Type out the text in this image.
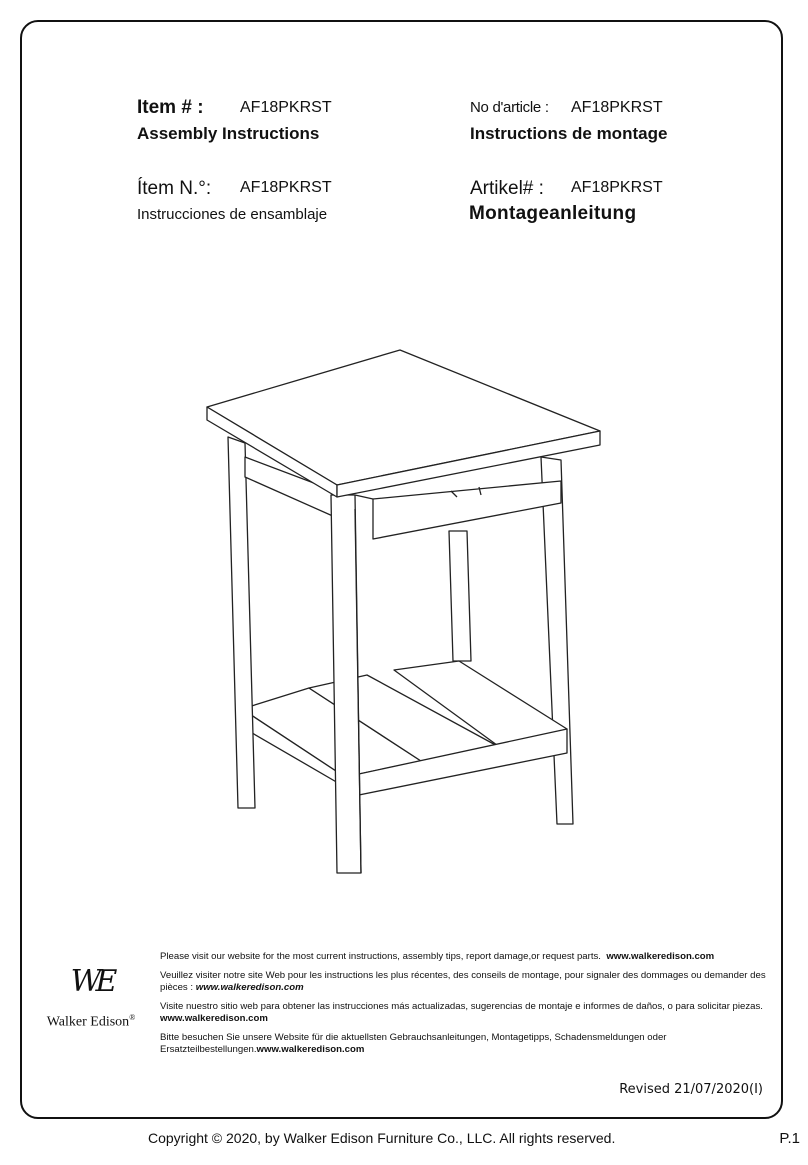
Item # : AF18PKRST
Assembly Instructions
No d'article : AF18PKRST
Instructions de montage
Ítem N.°: AF18PKRST
Instrucciones de ensamblaje
Artikel# : AF18PKRST
Montageanleitung

Please visit our website for the most current instructions, assembly tips, report damage,or request parts. www.walkeredison.com

Veuillez visiter notre site Web pour les instructions les plus récentes, des conseils de montage, pour signaler des dommages ou demander des pièces : www.walkeredison.com

Visite nuestro sitio web para obtener las instrucciones más actualizadas, sugerencias de montaje e informes de daños, o para solicitar piezas. www.walkeredison.com

Bitte besuchen Sie unsere Website für die aktuellsten Gebrauchsanleitungen, Montagetipps, Schadensmeldungen oder Ersatzteilbestellungen.www.walkeredison.com

WE
Walker Edison®
Revised 21/07/2020(I)
Copyright © 2020, by Walker Edison Furniture Co., LLC. All rights reserved.	P.1
